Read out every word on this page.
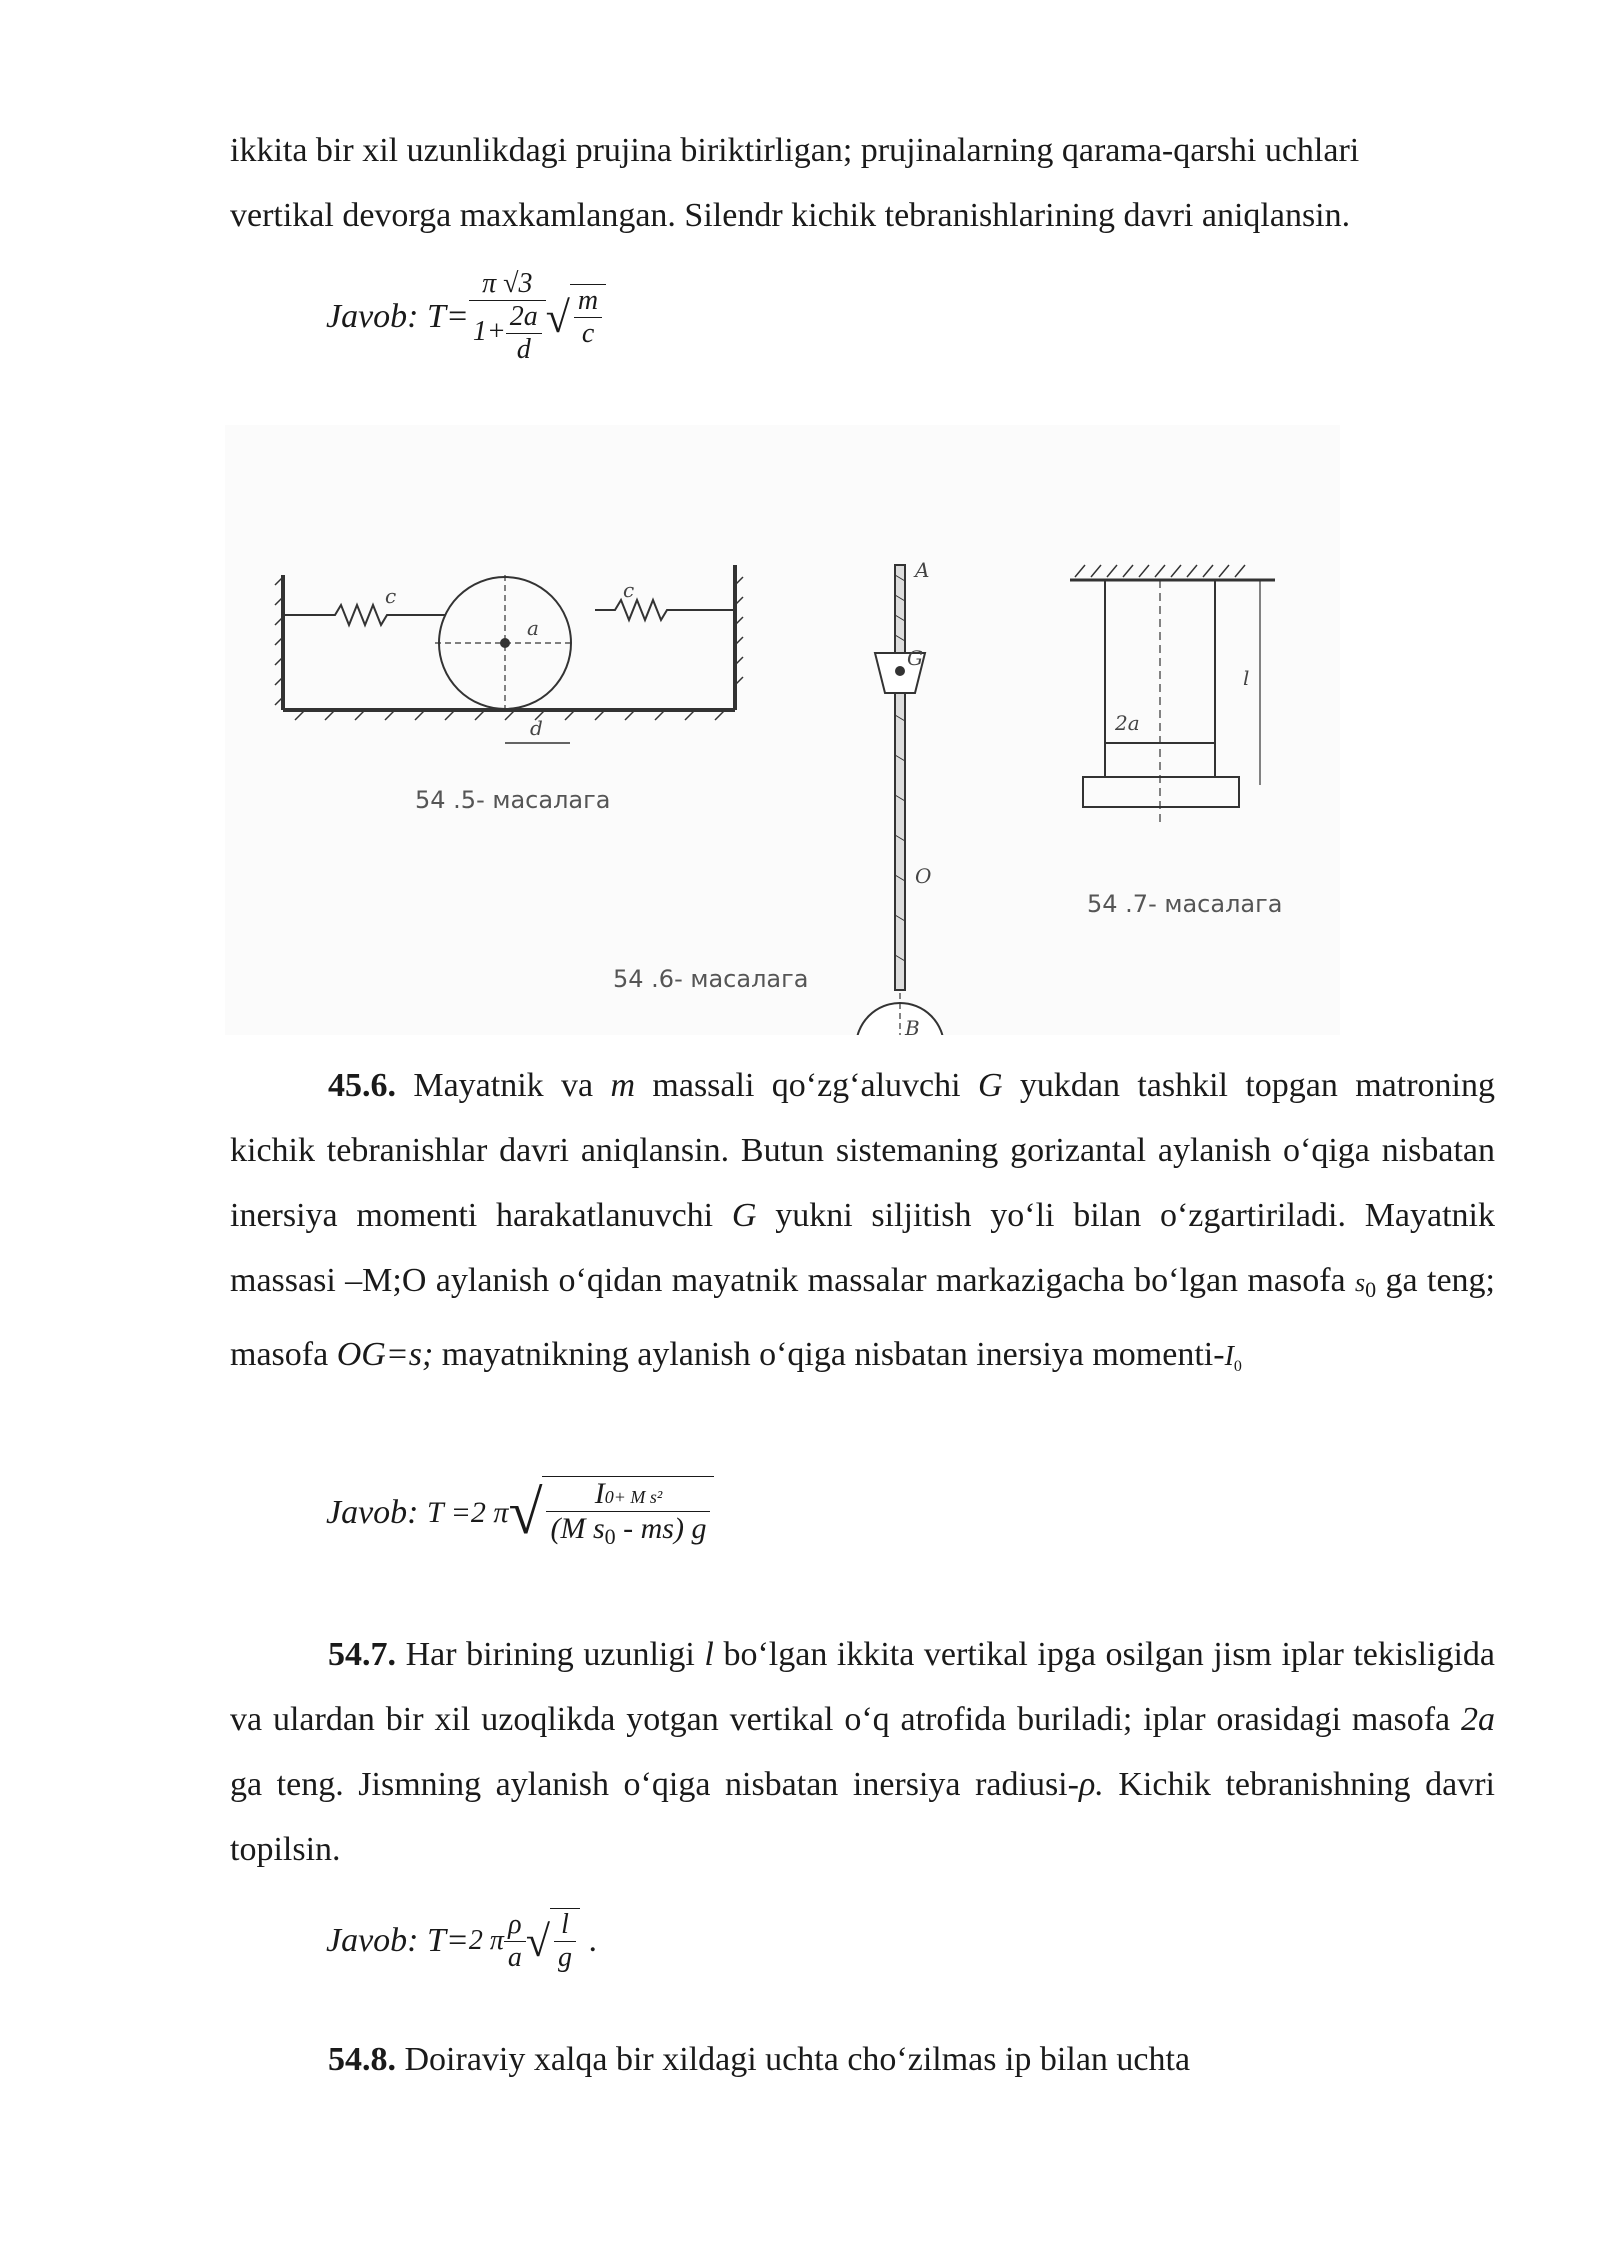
ikkita bir xil uzunlikdagi prujina biriktirligan; prujinalarning qarama-qarshi uchlari

vertikal devorga maxkamlangan. Silendr kichik tebranishlarining davri aniqlansin.

Javob: $T= \frac{\pi √3}{1+ \frac{2a}{d}}$ √ $\frac{m}{c}$
c	c
a
d
54 .5- масалага
A
G
O
B
54 .6- масалага
2a
l
54 .7- масалага

45.6. Mayatnik va m massali qo‘zg‘aluvchi G yukdan tashkil topgan matroning kichik tebranishlar davri aniqlansin. Butun sistemaning gorizantal aylanish o‘qiga nisbatan inersiya momenti harakatlanuvchi G yukni siljitish yo‘li bilan o‘zgartiriladi. Mayatnik massasi –M;O aylanish o‘qidan mayatnik massalar markazigacha bo‘lgan masofa $s_0$ ga teng; masofa OG=s; mayatnikning aylanish o‘qiga nisbatan inersiya momenti-$I_0$

Javob: T =2 $\pi√ \frac{\text{I0+ M s²}}{(M s_0 - ms) g}$

54.7. Har birining uzunligi l bo‘lgan ikkita vertikal ipga osilgan jism iplar tekisligida va ulardan bir xil uzoqlikda yotgan vertikal o‘q atrofida buriladi; iplar orasidagi masofa 2a ga teng. Jismning aylanish o‘qiga nisbatan inersiya radiusi-ρ. Kichik tebranishning davri topilsin.

Javob: T=2 π $\frac{\rho}{a}$ √ $\frac{l}{g}$ .

54.8. Doiraviy xalqa bir xildagi uchta cho‘zilmas ip bilan uchta
